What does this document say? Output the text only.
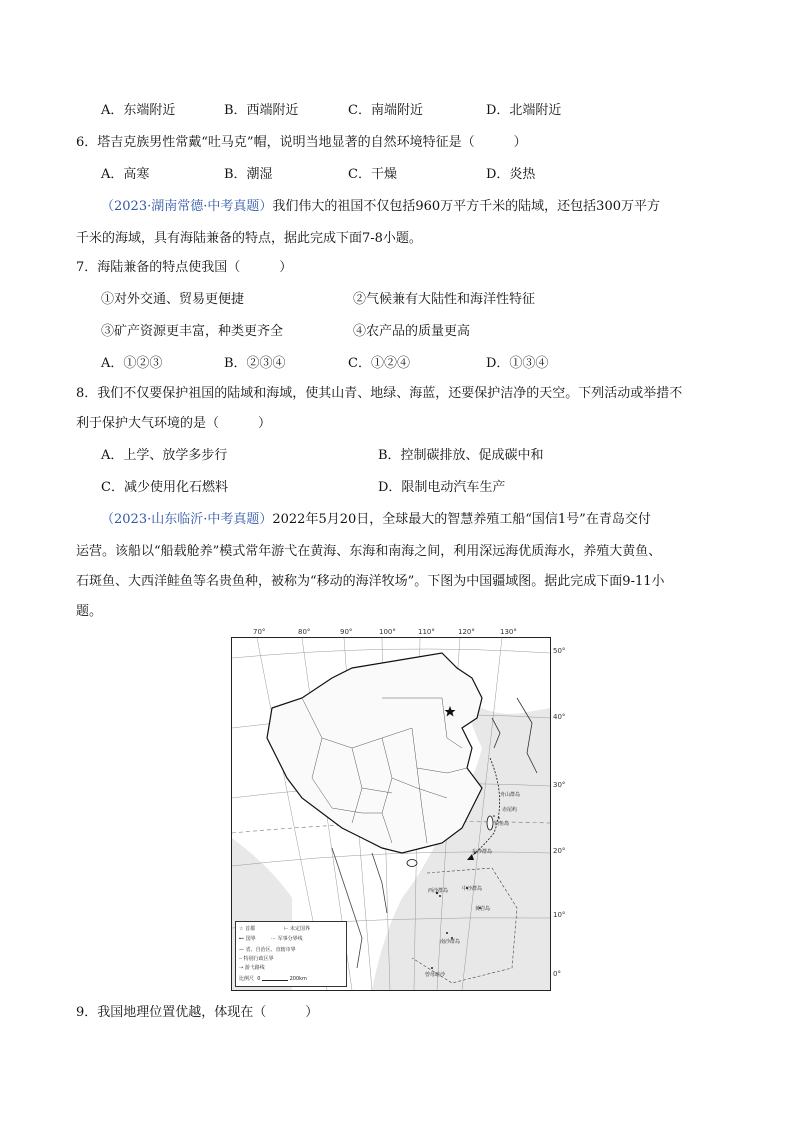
A．东端附近	B．西端附近	C．南端附近	D．北端附近
6．塔吉克族男性常戴“吐马克”帽，说明当地显著的自然环境特征是（　　　）
A．高寒	B．潮湿	C．干燥	D．炎热
（2023·湖南常德·中考真题）我们伟大的祖国不仅包括960万平方千米的陆域，还包括300万平方
千米的海域，具有海陆兼备的特点，据此完成下面7-8小题。
7．海陆兼备的特点使我国（　　　）
①对外交通、贸易更便捷	②气候兼有大陆性和海洋性特征
③矿产资源更丰富，种类更齐全	④农产品的质量更高
A．①②③	B．②③④	C．①②④	D．①③④
8．我们不仅要保护祖国的陆域和海域，使其山青、地绿、海蓝，还要保护洁净的天空。下列活动或举措不
利于保护大气环境的是（　　　）
A．上学、放学多步行	B．控制碳排放、促成碳中和
C．减少使用化石燃料	D．限制电动汽车生产
（2023·山东临沂·中考真题）2022年5月20日，全球最大的智慧养殖工船“国信1号”在青岛交付
运营。该船以“船载舱养”模式常年游弋在黄海、东海和南海之间，利用深远海优质海水，养殖大黄鱼、
石斑鱼、大西洋鲑鱼等名贵鱼种，被称为“移动的海洋牧场”。下图为中国疆域图。据此完成下面9-11小
题。
70°	80°	90°	100°	110°	120°	130°
50°
40°
30°
20°
10°
0°
舟山群岛
东沙群岛
西沙群岛	中沙群岛
黄岩岛
南沙群岛
曾母暗沙
赤尾屿
钓鱼岛
☆ 首都	⊢ 未定国界
⊷ 国界	⋯ 军事分界线
— 省、自治区、直辖市界
╌ 特别行政区界
⇢ 游弋路线
比例尺 0	200km
9．我国地理位置优越，体现在（　　　）
